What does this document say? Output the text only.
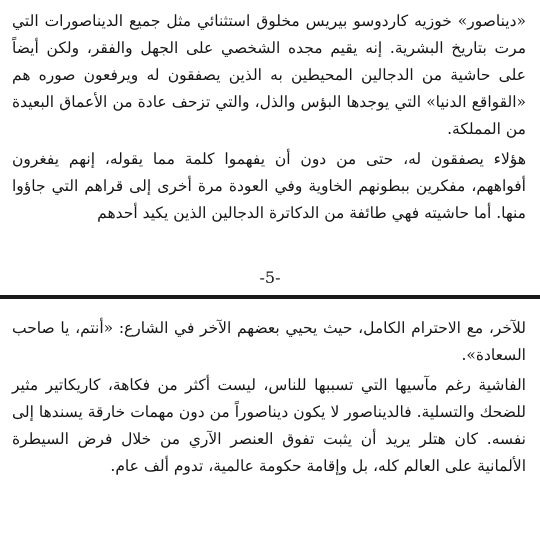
«ديناصور» خوزيه كاردوسو بيريس مخلوق استثنائي مثل جميع الديناصورات التي مرت بتاريخ البشرية. إنه يقيم مجده الشخصي على الجهل والفقر، ولكن أيضاً على حاشية من الدجالين المحيطين به الذين يصفقون له ويرفعون صوره هم «القواقع الدنيا» التي يوجدها البؤس والذل، والتي تزحف عادة من الأعماق البعيدة من المملكة.

هؤلاء يصفقون له، حتى من دون أن يفهموا كلمة مما يقوله، إنهم يفغرون أفواههم، مفكرين ببطونهم الخاوية وفي العودة مرة أخرى إلى قراهم التي جاؤوا منها. أما حاشيته فهي طائفة من الدكاترة الدجالين الذين يكيد أحدهم

-5-

للآخر، مع الاحترام الكامل، حيث يحيي بعضهم الآخر في الشارع: «أنتم، يا صاحب السعادة».

الفاشية رغم مآسيها التي تسببها للناس، ليست أكثر من فكاهة، كاريكاتير مثير للضحك والتسلية. فالديناصور لا يكون ديناصوراً من دون مهمات خارقة يسندها إلى نفسه. كان هتلر يريد أن يثبت تفوق العنصر الآري من خلال فرض السيطرة الألمانية على العالم كله، بل وإقامة حكومة عالمية، تدوم ألف عام.
